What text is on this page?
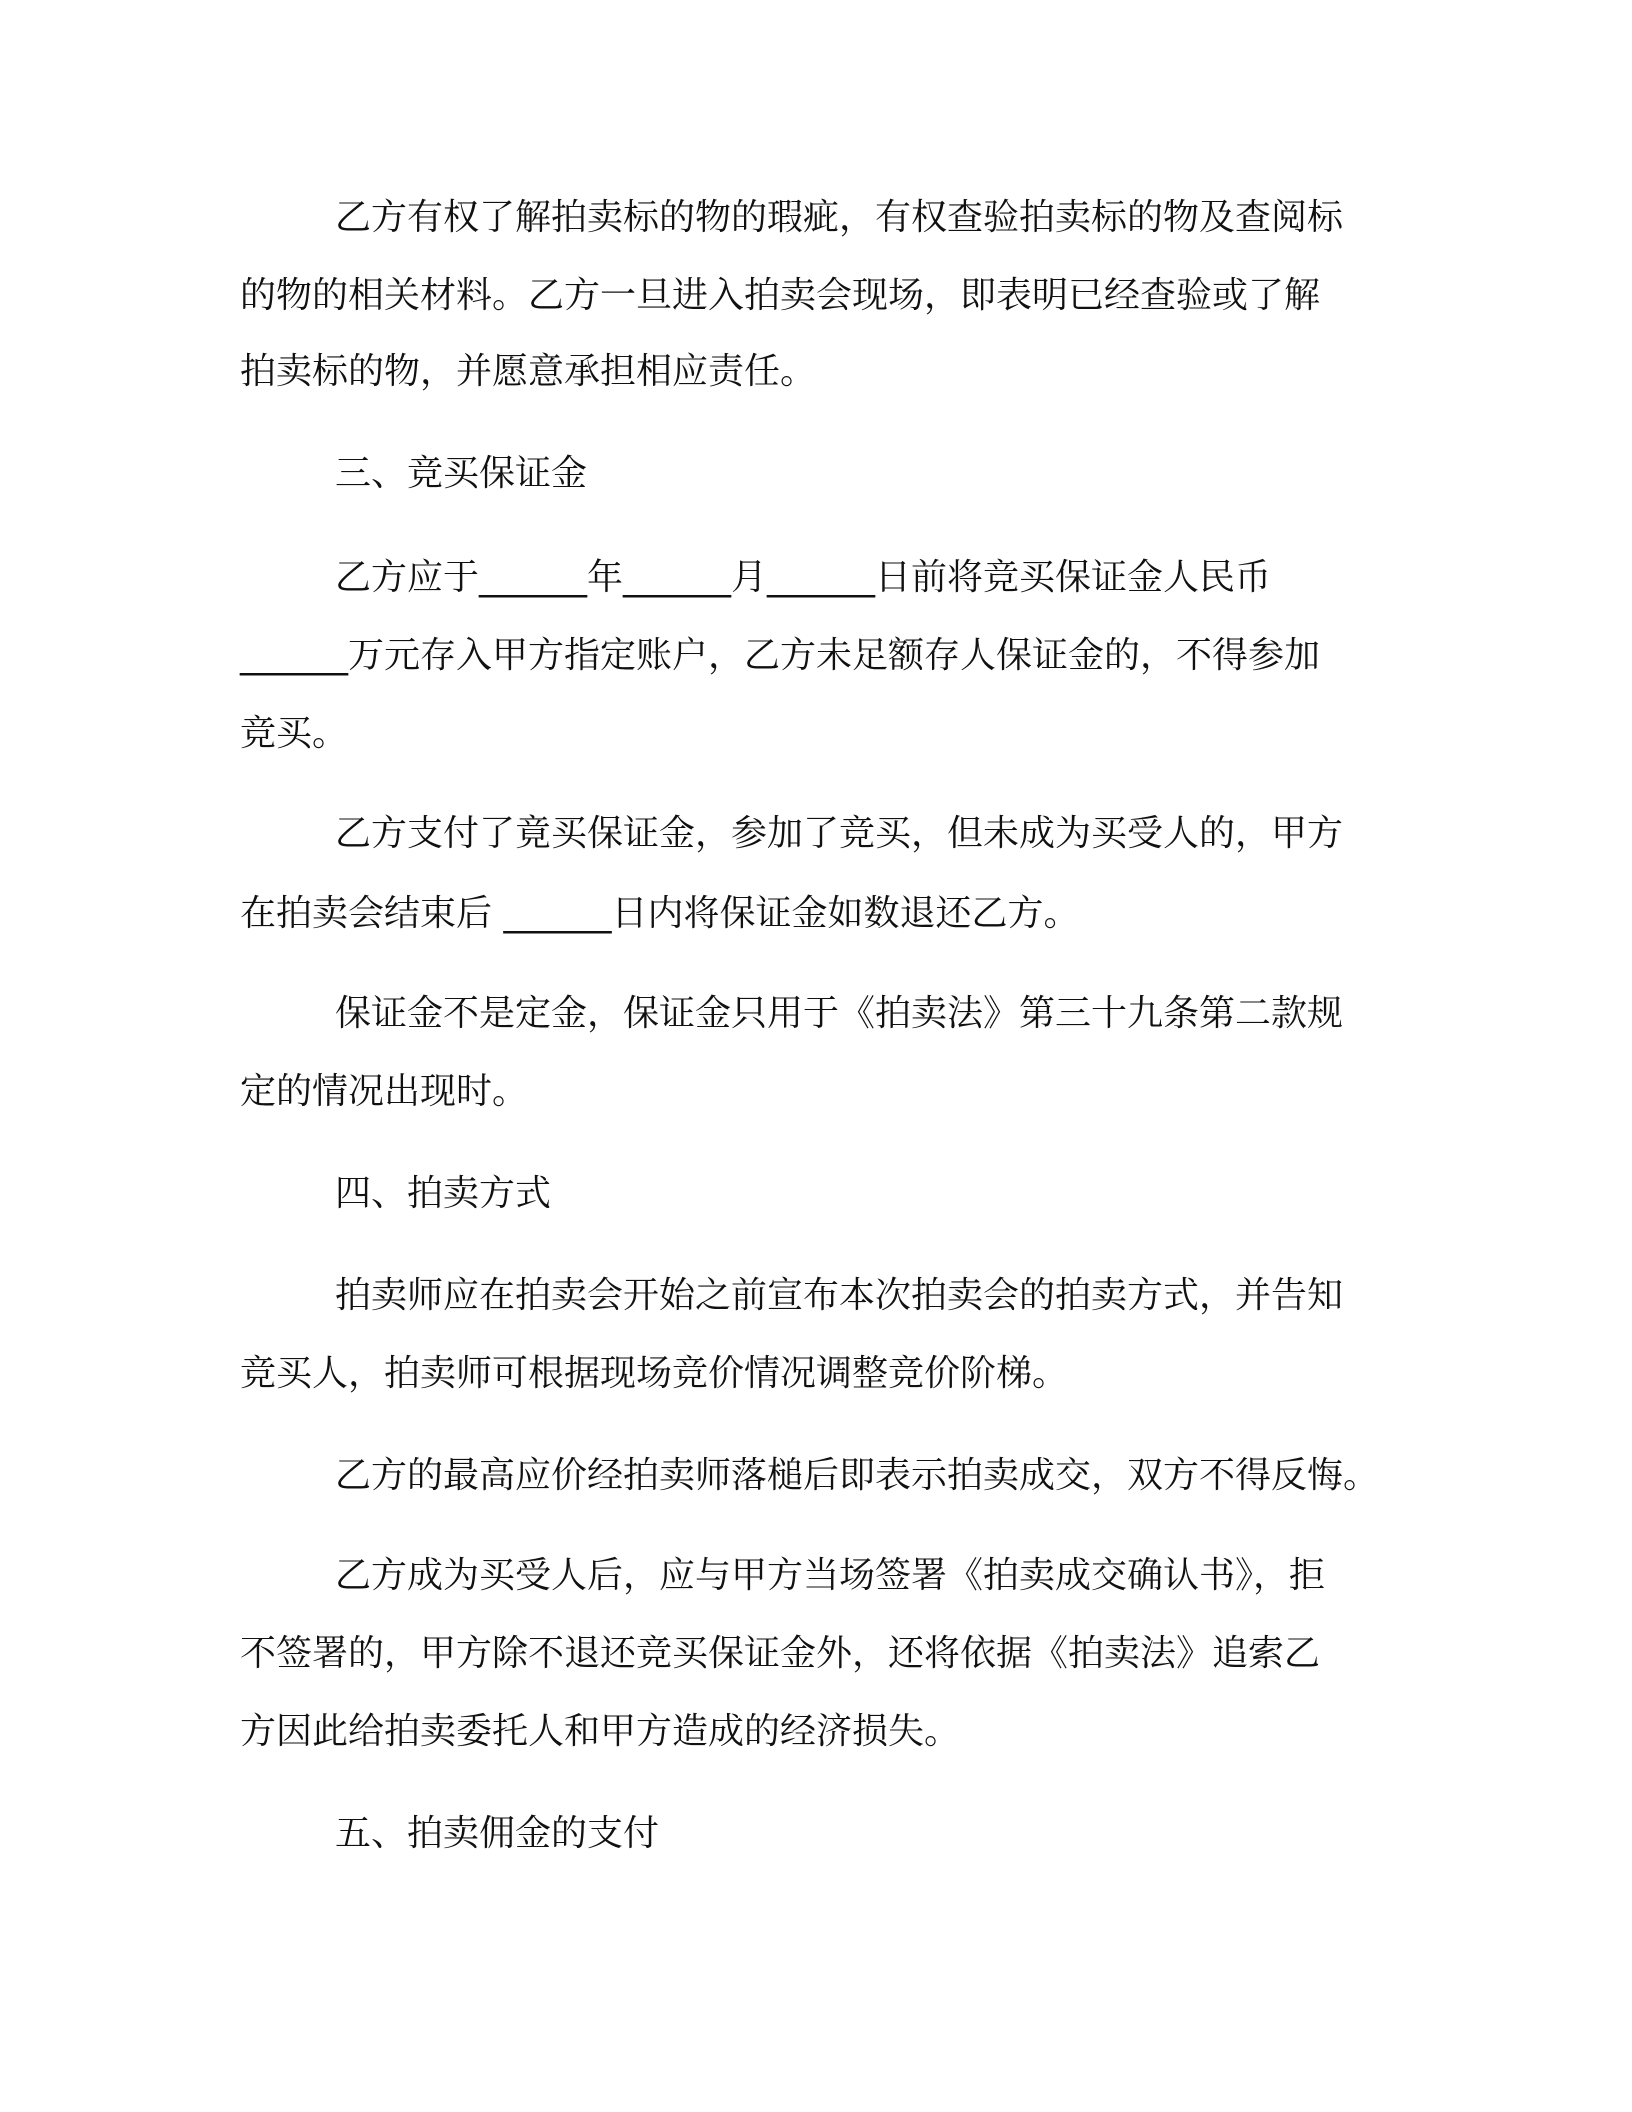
乙方有权了解拍卖标的物的瑕疵，有权查验拍卖标的物及查阅标
的物的相关材料。乙方一旦进入拍卖会现场，即表明已经查验或了解
拍卖标的物，并愿意承担相应责任。
三、竞买保证金
乙方应于______年______月______日前将竞买保证金人民币
______万元存入甲方指定账户，乙方未足额存人保证金的，不得参加
竞买。
乙方支付了竟买保证金，参加了竞买，但未成为买受人的，甲方
在拍卖会结束后 ______日内将保证金如数退还乙方。
保证金不是定金，保证金只用于《拍卖法》第三十九条第二款规
定的情况出现时。
四、拍卖方式
拍卖师应在拍卖会开始之前宣布本次拍卖会的拍卖方式，并告知
竞买人，拍卖师可根据现场竞价情况调整竞价阶梯。
乙方的最高应价经拍卖师落槌后即表示拍卖成交，双方不得反悔。
乙方成为买受人后，应与甲方当场签署《拍卖成交确认书》，拒
不签署的，甲方除不退还竞买保证金外，还将依据《拍卖法》追索乙
方因此给拍卖委托人和甲方造成的经济损失。
五、拍卖佣金的支付
